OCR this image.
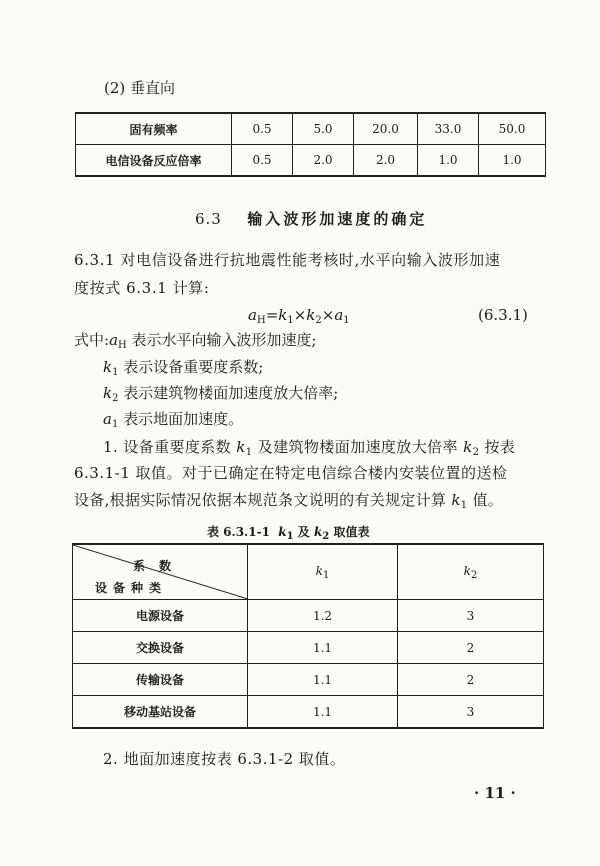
(2) 垂直向
固有频率	0.5	5.0	20.0	33.0	50.0
电信设备反应倍率	0.5	2.0	2.0	1.0	1.0
6.3 输入波形加速度的确定
6.3.1 对电信设备进行抗地震性能考核时,水平向输入波形加速
度按式 6.3.1 计算:
$a_H=k_1\times k_2\times a_1$	(6.3.1)
式中$:a_H$ 表示水平向输入波形加速度;
$k_1$ 表示设备重要度系数;
$k_2$ 表示建筑物楼面加速度放大倍率;
$a_1$ 表示地面加速度。
1. 设备重要度系数 $k_1$ 及建筑物楼面加速度放大倍率 $k_2$ 按表
6.3.1-1 取值。对于已确定在特定电信综合楼内安装位置的送检
设备,根据实际情况依据本规范条文说明的有关规定计算 $k_1$ 值。
表 6.3.1-1 $k_1$ 及 $k_2$ 取值表
系数
设备种类	$k_1$	$k_2$
电源设备	1.2	3
交换设备	1.1	2
传输设备	1.1	2
移动基站设备	1.1	3
2. 地面加速度按表 6.3.1-2 取值。
· 11 ·
